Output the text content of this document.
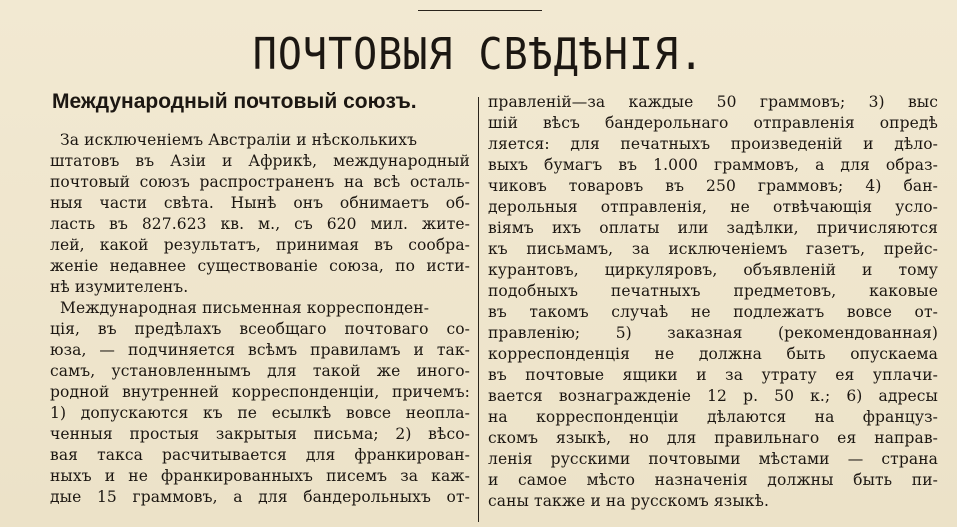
ПОЧТОВЫЯ СВѢДѢНІЯ.
Международный почтовый союзъ.
За исключеніемъ Австраліи и нѣсколькихъ
штатовъ въ Азіи и Африкѣ, международный
почтовый союзъ распространенъ на всѣ осталь-
ныя части свѣта. Нынѣ онъ обнимаетъ об-
ласть въ 827.623 кв. м., съ 620 мил. жите-
лей, какой результатъ, принимая въ сообра-
женіе недавнее существованіе союза, по исти-
нѣ изумителенъ.
Международная письменная корреспонден-
ція, въ предѣлахъ всеобщаго почтоваго со-
юза, — подчиняется всѣмъ правиламъ и так-
самъ, установленнымъ для такой же иного-
родной внутренней корреспонденціи, причемъ:
1) допускаются къ пе есылкѣ вовсе неопла-
ченныя простыя закрытыя письма; 2) вѣсо-
вая такса расчитывается для франкирован-
ныхъ и не франкированныхъ писемъ за каж-
дые 15 граммовъ, а для бандерольныхъ от-
правленій—за каждые 50 граммовъ; 3) выс
шій вѣсъ бандерольнаго отправленія опредѣ
ляется: для печатныхъ произведеній и дѣло-
выхъ бумагъ въ 1.000 граммовъ, а для образ-
чиковъ товаровъ въ 250 граммовъ; 4) бан-
дерольныя отправленія, не отвѣчающія усло-
віямъ ихъ оплаты или задѣлки, причисляются
къ письмамъ, за исключеніемъ газетъ, прейс-
курантовъ, циркуляровъ, объявленій и тому
подобныхъ печатныхъ предметовъ, каковые
въ такомъ случаѣ не подлежатъ вовсе от-
правленію; 5) заказная (рекомендованная)
корреспонденція не должна быть опускаема
въ почтовые ящики и за утрату ея уплачи-
вается вознагражденіе 12 р. 50 к.; 6) адресы
на корреспонденціи дѣлаются на француз-
скомъ языкѣ, но для правильнаго ея направ-
ленія русскими почтовыми мѣстами — страна
и самое мѣсто назначенія должны быть пи-
саны также и на русскомъ языкѣ.
